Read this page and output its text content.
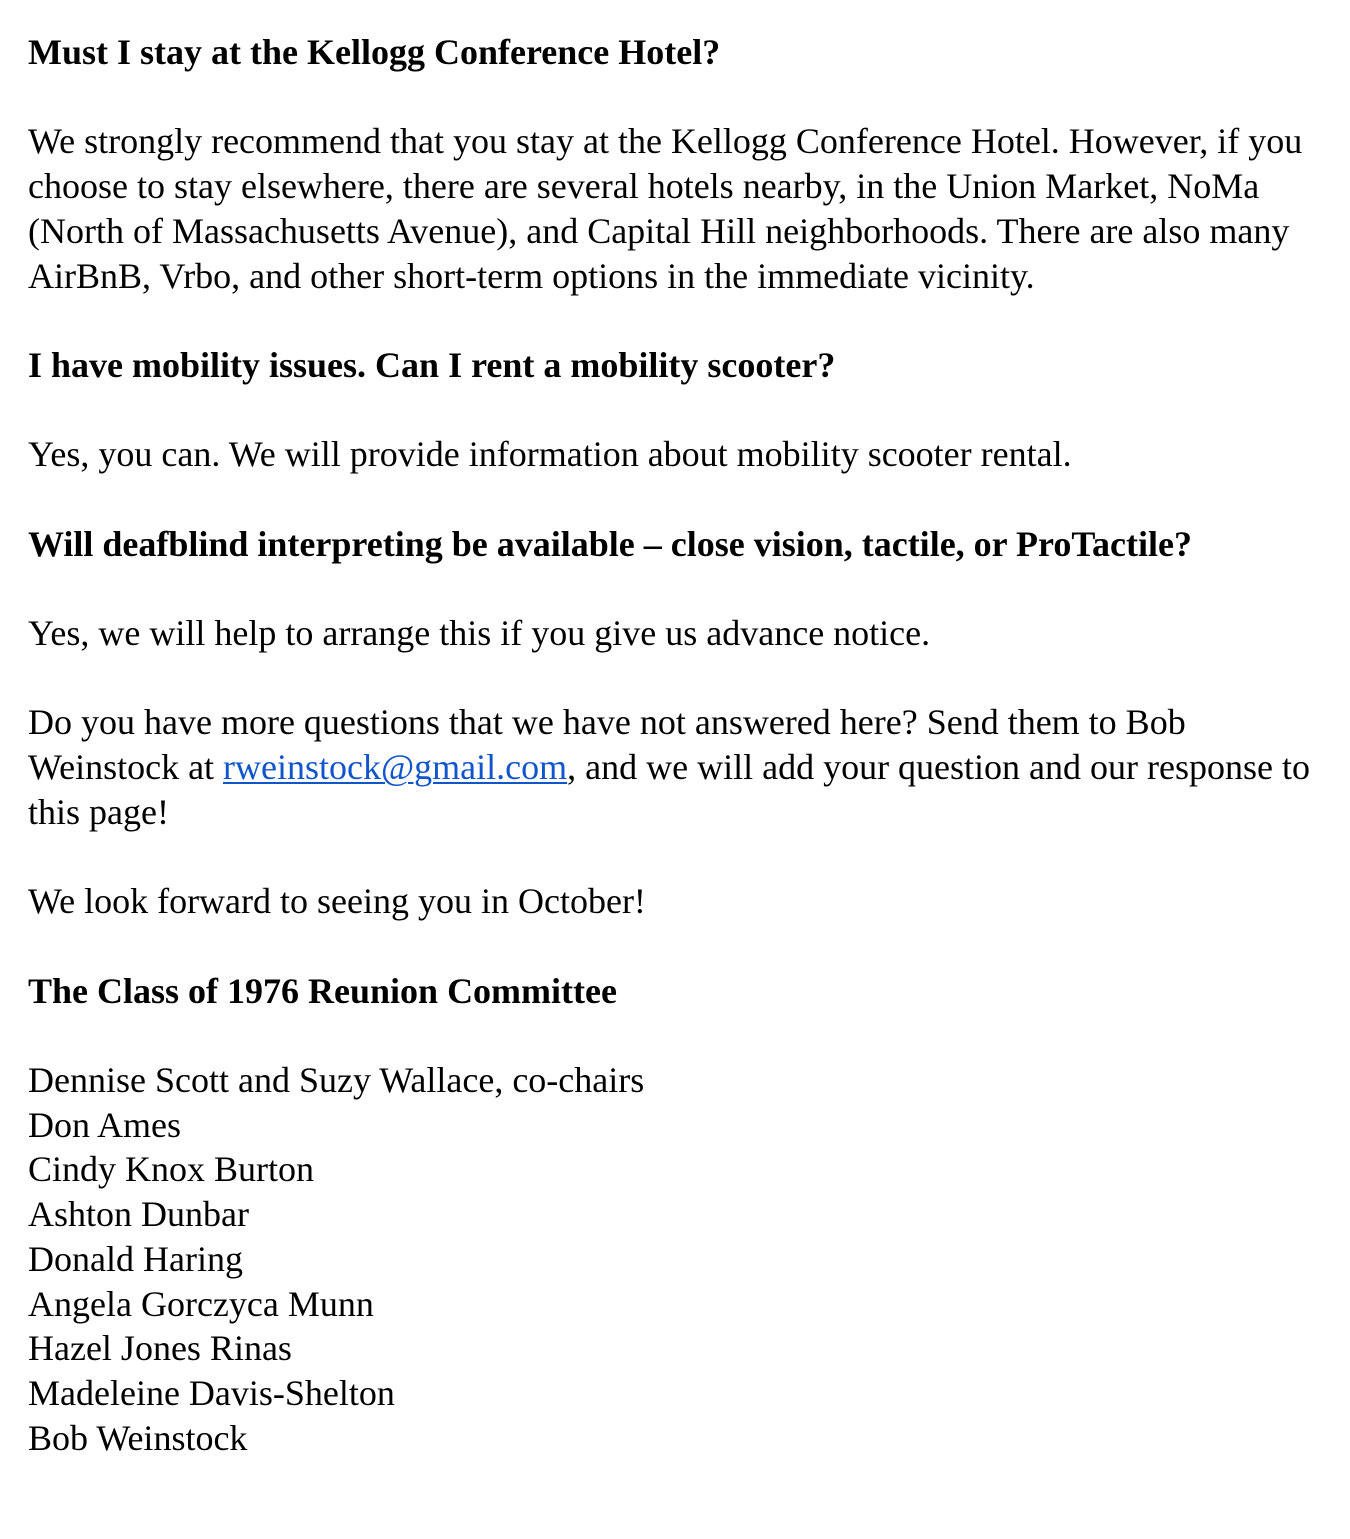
Must I stay at the Kellogg Conference Hotel?

We strongly recommend that you stay at the Kellogg Conference Hotel. However, if you choose to stay elsewhere, there are several hotels nearby, in the Union Market, NoMa (North of Massachusetts Avenue), and Capital Hill neighborhoods. There are also many AirBnB, Vrbo, and other short-term options in the immediate vicinity.

I have mobility issues. Can I rent a mobility scooter?

Yes, you can. We will provide information about mobility scooter rental.

Will deafblind interpreting be available – close vision, tactile, or ProTactile?

Yes, we will help to arrange this if you give us advance notice.

Do you have more questions that we have not answered here? Send them to Bob Weinstock at rweinstock@gmail.com, and we will add your question and our response to this page!

We look forward to seeing you in October!

The Class of 1976 Reunion Committee

Dennise Scott and Suzy Wallace, co-chairs
Don Ames
Cindy Knox Burton
Ashton Dunbar
Donald Haring
Angela Gorczyca Munn
Hazel Jones Rinas
Madeleine Davis-Shelton
Bob Weinstock
